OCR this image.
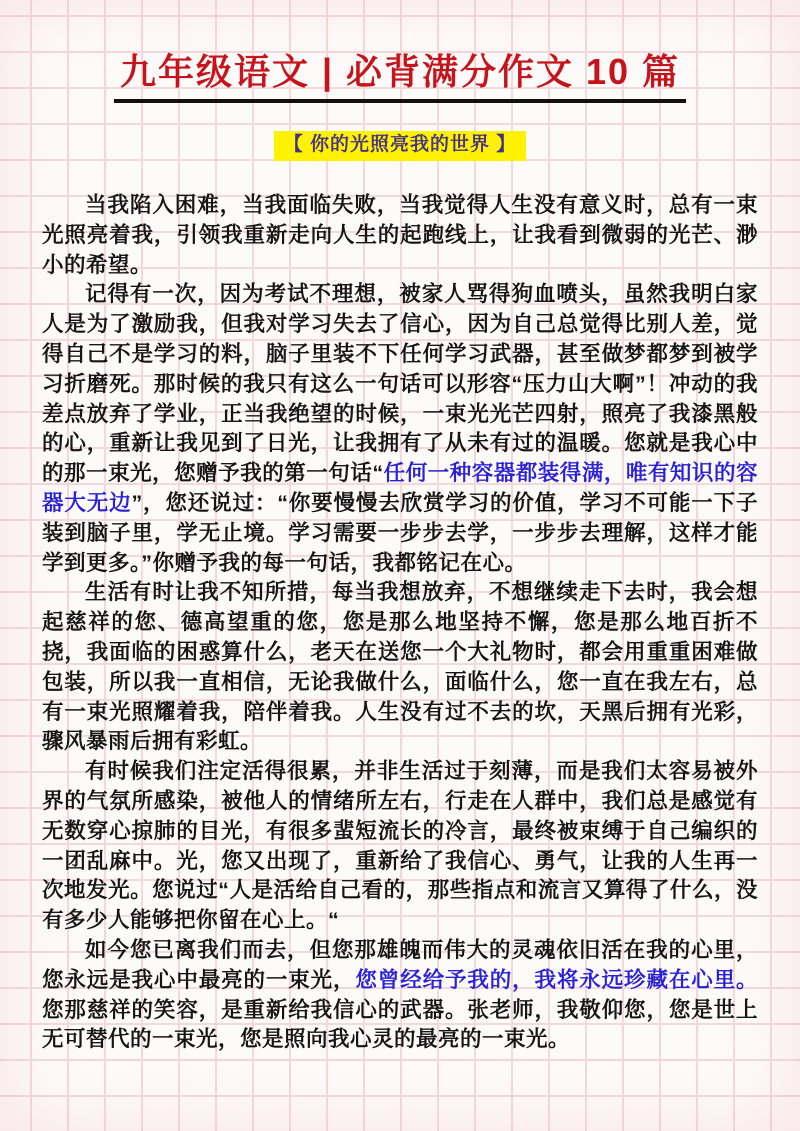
九年级语文 | 必背满分作文 10 篇
【 你的光照亮我的世界 】

当我陷入困难，当我面临失败，当我觉得人生没有意义时，总有一束光照亮着我，引领我重新走向人生的起跑线上，让我看到微弱的光芒、渺小的希望。

记得有一次，因为考试不理想，被家人骂得狗血喷头，虽然我明白家人是为了激励我，但我对学习失去了信心，因为自己总觉得比别人差，觉得自己不是学习的料，脑子里装不下任何学习武器，甚至做梦都梦到被学习折磨死。那时候的我只有这么一句话可以形容“压力山大啊”！冲动的我差点放弃了学业，正当我绝望的时候，一束光光芒四射，照亮了我漆黑般的心，重新让我见到了日光，让我拥有了从未有过的温暖。您就是我心中的那一束光，您赠予我的第一句话“任何一种容器都装得满，唯有知识的容器大无边”，您还说过：“你要慢慢去欣赏学习的价值，学习不可能一下子装到脑子里，学无止境。学习需要一步步去学，一步步去理解，这样才能学到更多。”你赠予我的每一句话，我都铭记在心。

生活有时让我不知所措，每当我想放弃，不想继续走下去时，我会想起慈祥的您、德高望重的您，您是那么地坚持不懈，您是那么地百折不挠，我面临的困惑算什么，老天在送您一个大礼物时，都会用重重困难做包装，所以我一直相信，无论我做什么，面临什么，您一直在我左右，总有一束光照耀着我，陪伴着我。人生没有过不去的坎，天黑后拥有光彩，骤风暴雨后拥有彩虹。

有时候我们注定活得很累，并非生活过于刻薄，而是我们太容易被外界的气氛所感染，被他人的情绪所左右，行走在人群中，我们总是感觉有无数穿心掠肺的目光，有很多蜚短流长的冷言，最终被束缚于自己编织的一团乱麻中。光，您又出现了，重新给了我信心、勇气，让我的人生再一次地发光。您说过“人是活给自己看的，那些指点和流言又算得了什么，没有多少人能够把你留在心上。“

如今您已离我们而去，但您那雄魄而伟大的灵魂依旧活在我的心里，您永远是我心中最亮的一束光，您曾经给予我的，我将永远珍藏在心里。您那慈祥的笑容，是重新给我信心的武器。张老师，我敬仰您，您是世上无可替代的一束光，您是照向我心灵的最亮的一束光。
